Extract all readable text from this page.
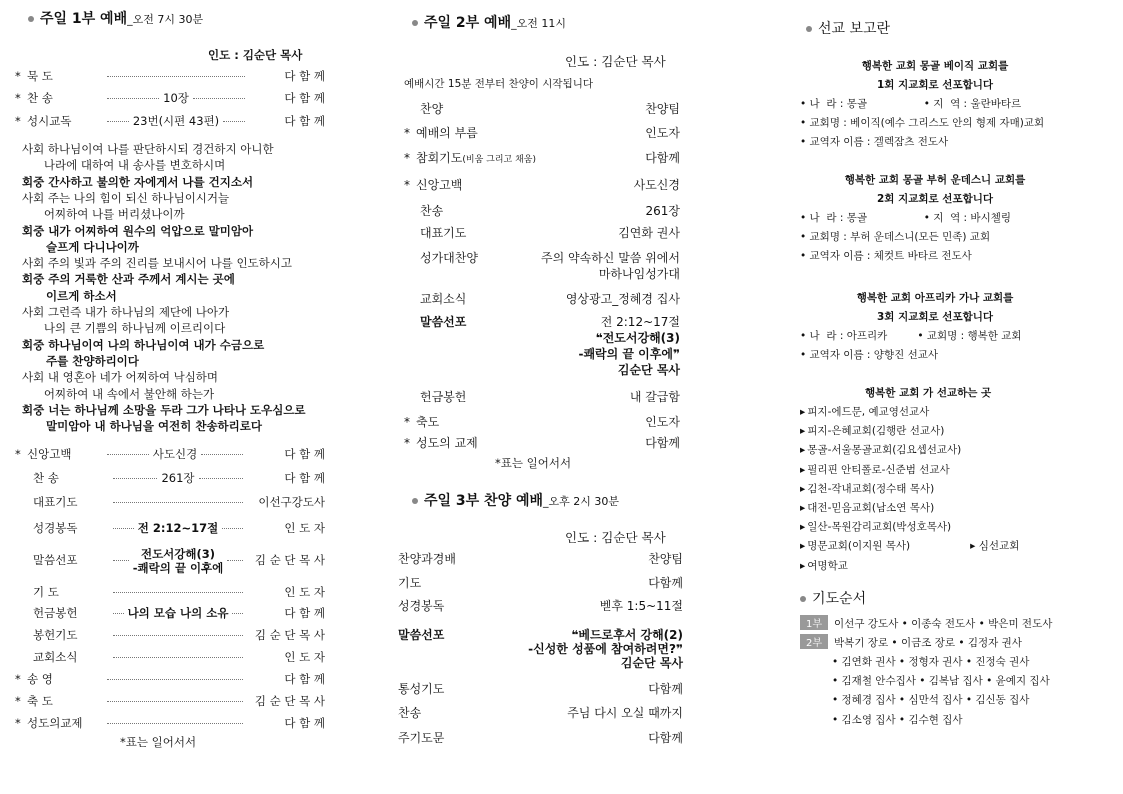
주일 1부 예배_오전 7시 30분
인도 : 김순단 목사
* 묵 도	다 함 께
* 찬 송	10장	다 함 께
* 성시교독	23번(시편 43편)	다 함 께
사회 하나님이여 나를 판단하시되 경건하지 아니한
나라에 대하여 내 송사를 변호하시며
회중 간사하고 불의한 자에게서 나를 건지소서
사회 주는 나의 힘이 되신 하나님이시거늘
어찌하여 나를 버리셨나이까
회중 내가 어찌하여 원수의 억압으로 말미암아
슬프게 다니나이까
사회 주의 빛과 주의 진리를 보내시어 나를 인도하시고
회중 주의 거룩한 산과 주께서 계시는 곳에
이르게 하소서
사회 그런즉 내가 하나님의 제단에 나아가
나의 큰 기쁨의 하나님께 이르리이다
회중 하나님이여 나의 하나님이여 내가 수금으로
주를 찬양하리이다
사회 내 영혼아 네가 어찌하여 낙심하며
어찌하여 내 속에서 불안해 하는가
회중 너는 하나님께 소망을 두라 그가 나타나 도우심으로
말미암아 내 하나님을 여전히 찬송하리로다
* 신앙고백	사도신경	다 함 께
찬 송	261장	다 함 께
대표기도	이선구강도사
성경봉독	전 2:12~17절	인 도 자
말씀선포	전도서강해(3)
-쾌락의 끝 이후에
김 순 단 목 사
기 도	인 도 자
헌금봉헌	나의 모습 나의 소유	다 함 께
봉헌기도	김 순 단 목 사
교회소식	인 도 자
* 송 영	다 함 께
* 축 도	김 순 단 목 사
* 성도의교제	다 함 께
*표는 일어서서
주일 2부 예배_오전 11시
인도 : 김순단 목사
예배시간 15분 전부터 찬양이 시작됩니다
찬양	찬양팀
* 예배의 부름	인도자
* 참회기도 (비움 그리고 채움)	다함께
* 신앙고백	사도신경
찬송	261장
대표기도	김연화 권사
성가대찬양	주의 약속하신 말씀 위에서
마하나임성가대
교회소식	영상광고_정혜경 집사
말씀선포	전 2:12~17절
❝전도서강해(3)
-쾌락의 끝 이후에❞
김순단 목사
헌금봉헌	내 갈급함
* 축도	인도자
* 성도의 교제	다함께
*표는 일어서서
주일 3부 찬양 예배_오후 2시 30분
인도 : 김순단 목사
찬양과경배	찬양팀
기도	다함께
성경봉독	벧후 1:5~11절
말씀선포	❝베드로후서 강해(2)
-신성한 성품에 참여하려면?❞
김순단 목사
통성기도	다함께
찬송	주님 다시 오실 때까지
주기도문	다함께
선교 보고란
행복한 교회 몽골 베이직 교회를
1회 지교회로 선포합니다
• 나  라 : 몽골                 • 지  역 : 울란바타르
• 교회명 : 베이직(예수 그리스도 안의 형제 자매)교회
• 교역자 이름 : 겔렉잠츠 전도사
행복한 교회 몽골 부허 운데스니 교회를
2회 지교회로 선포합니다
• 나  라 : 몽골                 • 지  역 : 바시첼링
• 교회명 : 부허 운데스니(모든 민족) 교회
• 교역자 이름 : 체컷트 바타르 전도사
행복한 교회 아프리카 가나 교회를
3회 지교회로 선포합니다
• 나  라 : 아프리카         • 교회명 : 행복한 교회
• 교역자 이름 : 양향진 선교사
행복한 교회 가 선교하는 곳
▸ 피지-에드문, 예교영선교사
▸ 피지-은혜교회(김행란 선교사)
▸ 몽골-서울몽골교회(김요셉선교사)
▸ 필리핀 안티폴로-신준범 선교사
▸ 김천-작내교회(정수태 목사)
▸ 대전-믿음교회(남소연 목사)
▸ 일산-목원감리교회(박성호목사)
▸ 명문교회(이지원 목사)                  ▸ 심선교회
▸ 여명학교
기도순서
1부 이선구 강도사 • 이종숙 전도사 • 박은미 전도사
2부 박복기 장로 • 이금조 장로 • 김정자 권사
• 김연화 권사 • 정형자 권사 • 진정숙 권사
• 김재철 안수집사 • 김복남 집사 • 윤예지 집사
• 정혜경 집사 • 심만석 집사 • 김신동 집사
• 김소영 집사 • 김수현 집사
